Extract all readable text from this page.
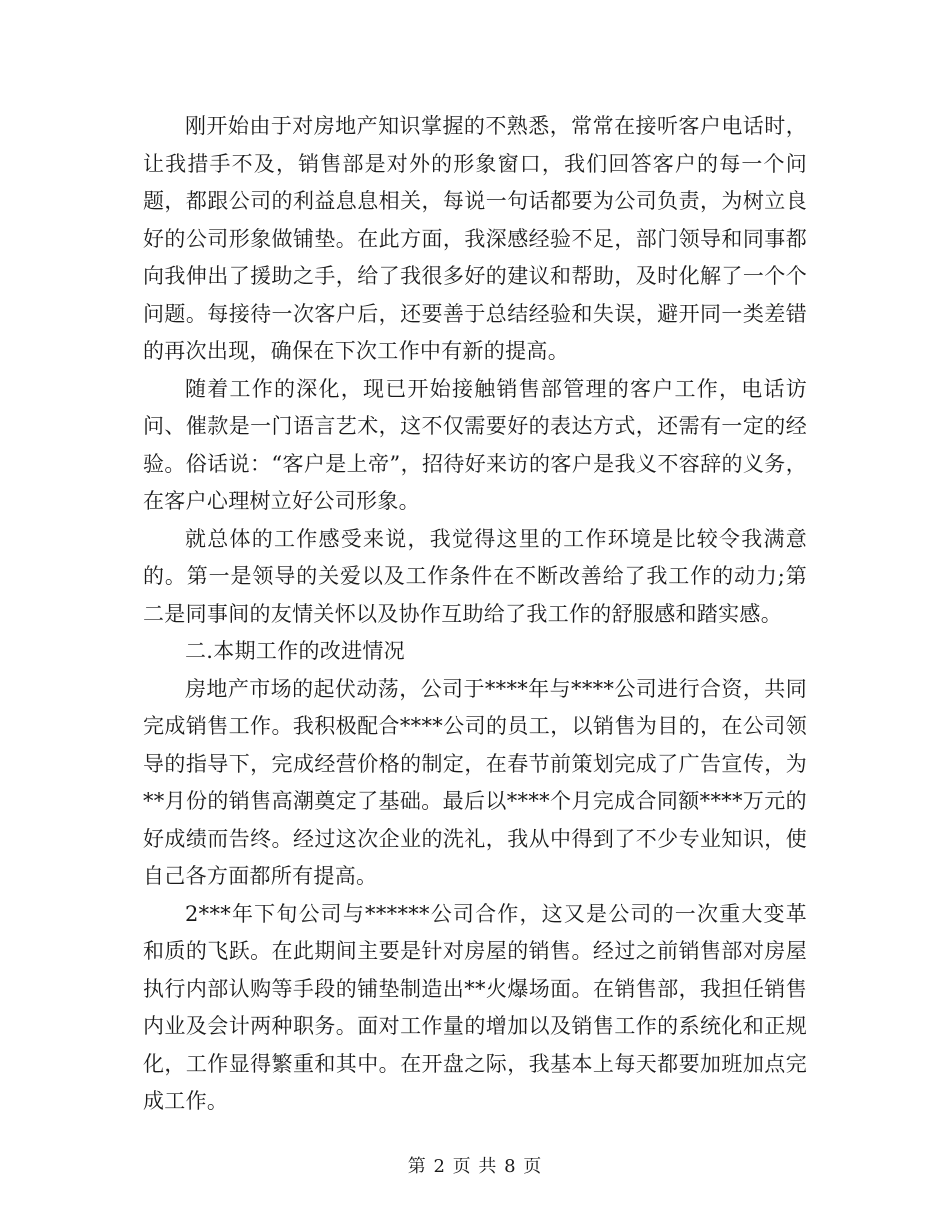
刚开始由于对房地产知识掌握的不熟悉，常常在接听客户电话时，让我措手不及，销售部是对外的形象窗口，我们回答客户的每一个问题，都跟公司的利益息息相关，每说一句话都要为公司负责，为树立良好的公司形象做铺垫。在此方面，我深感经验不足，部门领导和同事都向我伸出了援助之手，给了我很多好的建议和帮助，及时化解了一个个问题。每接待一次客户后，还要善于总结经验和失误，避开同一类差错的再次出现，确保在下次工作中有新的提高。

随着工作的深化，现已开始接触销售部管理的客户工作，电话访问、催款是一门语言艺术，这不仅需要好的表达方式，还需有一定的经验。俗话说：“客户是上帝”，招待好来访的客户是我义不容辞的义务，在客户心理树立好公司形象。

就总体的工作感受来说，我觉得这里的工作环境是比较令我满意的。第一是领导的关爱以及工作条件在不断改善给了我工作的动力;第二是同事间的友情关怀以及协作互助给了我工作的舒服感和踏实感。

二.本期工作的改进情况

房地产市场的起伏动荡，公司于****年与****公司进行合资，共同完成销售工作。我积极配合****公司的员工，以销售为目的，在公司领导的指导下，完成经营价格的制定，在春节前策划完成了广告宣传，为**月份的销售高潮奠定了基础。最后以****个月完成合同额****万元的好成绩而告终。经过这次企业的洗礼，我从中得到了不少专业知识，使自己各方面都所有提高。

2***年下旬公司与******公司合作，这又是公司的一次重大变革和质的飞跃。在此期间主要是针对房屋的销售。经过之前销售部对房屋执行内部认购等手段的铺垫制造出**火爆场面。在销售部，我担任销售内业及会计两种职务。面对工作量的增加以及销售工作的系统化和正规化，工作显得繁重和其中。在开盘之际，我基本上每天都要加班加点完成工作。

第 2 页 共 8 页
